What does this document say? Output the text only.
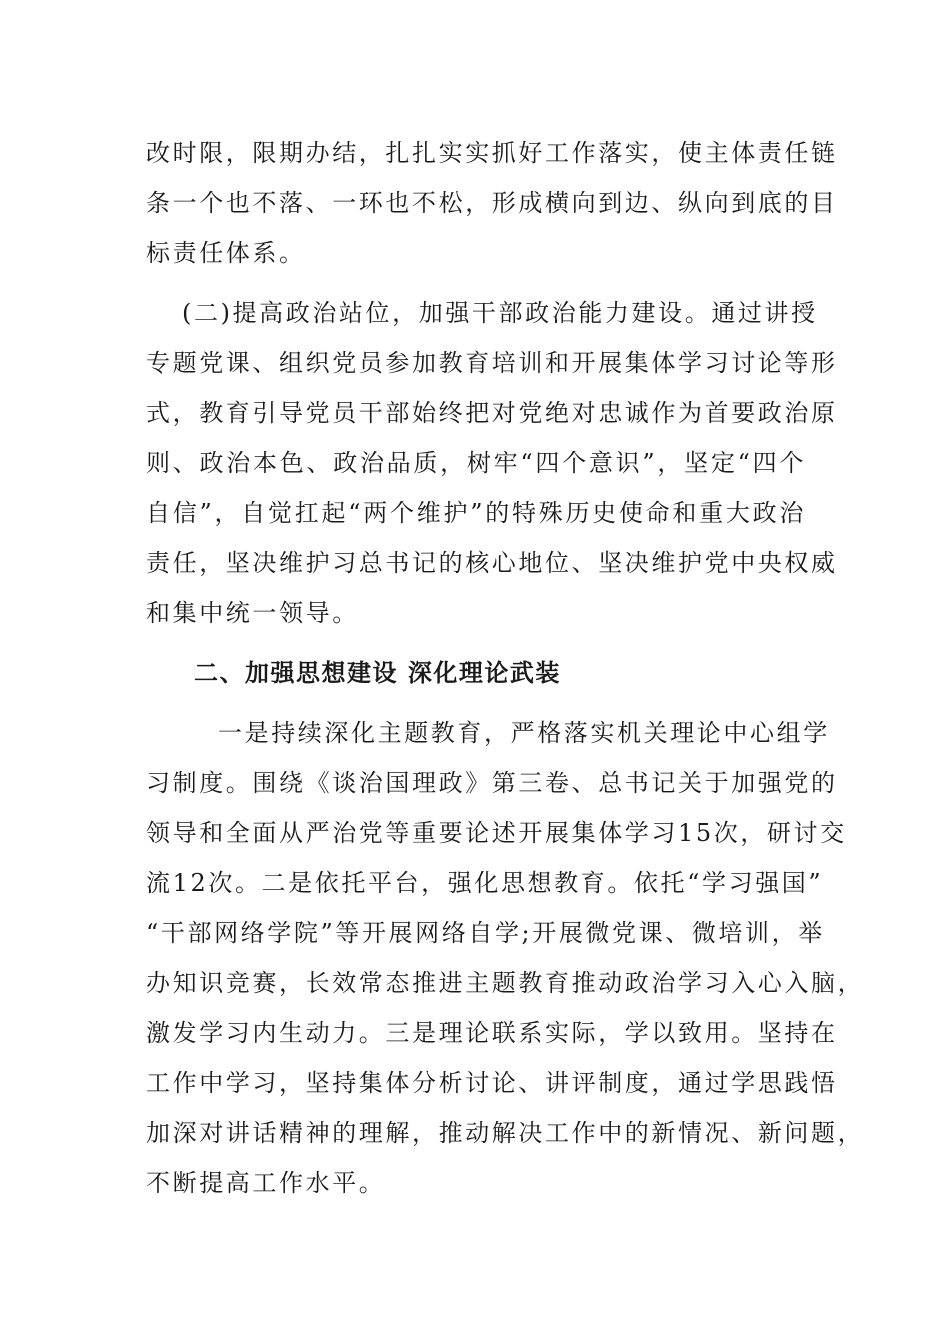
改时限，限期办结，扎扎实实抓好工作落实，使主体责任链
条一个也不落、一环也不松，形成横向到边、纵向到底的目
标责任体系。
(二)提高政治站位，加强干部政治能力建设。通过讲授
专题党课、组织党员参加教育培训和开展集体学习讨论等形
式，教育引导党员干部始终把对党绝对忠诚作为首要政治原
则、政治本色、政治品质，树牢“四个意识”，坚定“四个
自信”，自觉扛起“两个维护”的特殊历史使命和重大政治
责任，坚决维护习总书记的核心地位、坚决维护党中央权威
和集中统一领导。
二、加强思想建设 深化理论武装
一是持续深化主题教育，严格落实机关理论中心组学
习制度。围绕《谈治国理政》第三卷、总书记关于加强党的
领导和全面从严治党等重要论述开展集体学习15次，研讨交
流12次。二是依托平台，强化思想教育。依托“学习强国”
“干部网络学院”等开展网络自学;开展微党课、微培训，举
办知识竞赛，长效常态推进主题教育推动政治学习入心入脑，
激发学习内生动力。三是理论联系实际，学以致用。坚持在
工作中学习，坚持集体分析讨论、讲评制度，通过学思践悟
加深对讲话精神的理解，推动解决工作中的新情况、新问题，
不断提高工作水平。
